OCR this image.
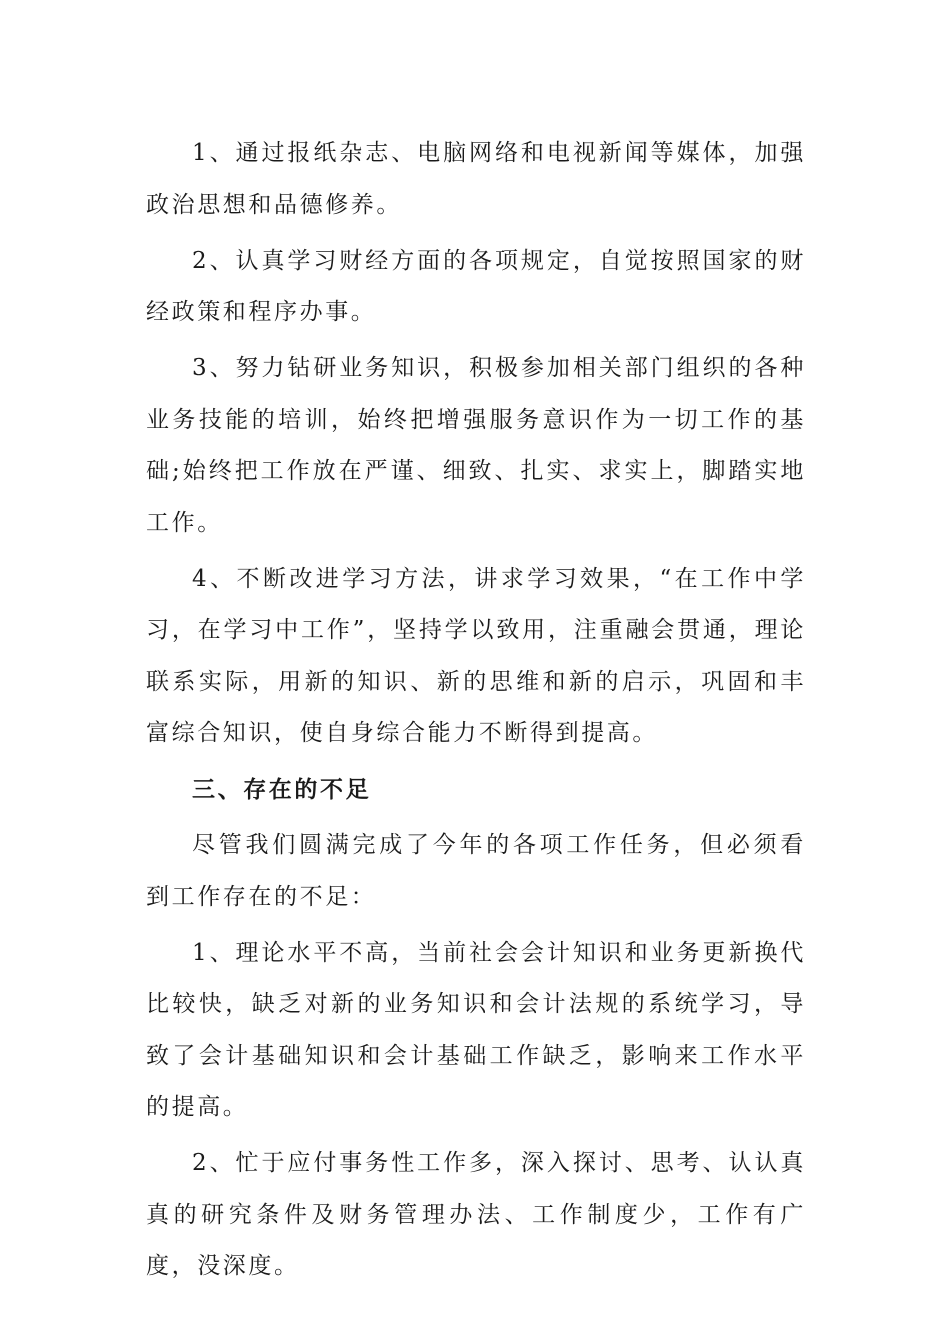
1、通过报纸杂志、电脑网络和电视新闻等媒体，加强政治思想和品德修养。

2、认真学习财经方面的各项规定，自觉按照国家的财经政策和程序办事。

3、努力钻研业务知识，积极参加相关部门组织的各种业务技能的培训，始终把增强服务意识作为一切工作的基础;始终把工作放在严谨、细致、扎实、求实上，脚踏实地工作。

4、不断改进学习方法，讲求学习效果，“在工作中学习，在学习中工作”，坚持学以致用，注重融会贯通，理论联系实际，用新的知识、新的思维和新的启示，巩固和丰富综合知识，使自身综合能力不断得到提高。

三、存在的不足

尽管我们圆满完成了今年的各项工作任务，但必须看到工作存在的不足：

1、理论水平不高，当前社会会计知识和业务更新换代比较快，缺乏对新的业务知识和会计法规的系统学习，导致了会计基础知识和会计基础工作缺乏，影响来工作水平的提高。

2、忙于应付事务性工作多，深入探讨、思考、认认真真的研究条件及财务管理办法、工作制度少，工作有广度，没深度。
